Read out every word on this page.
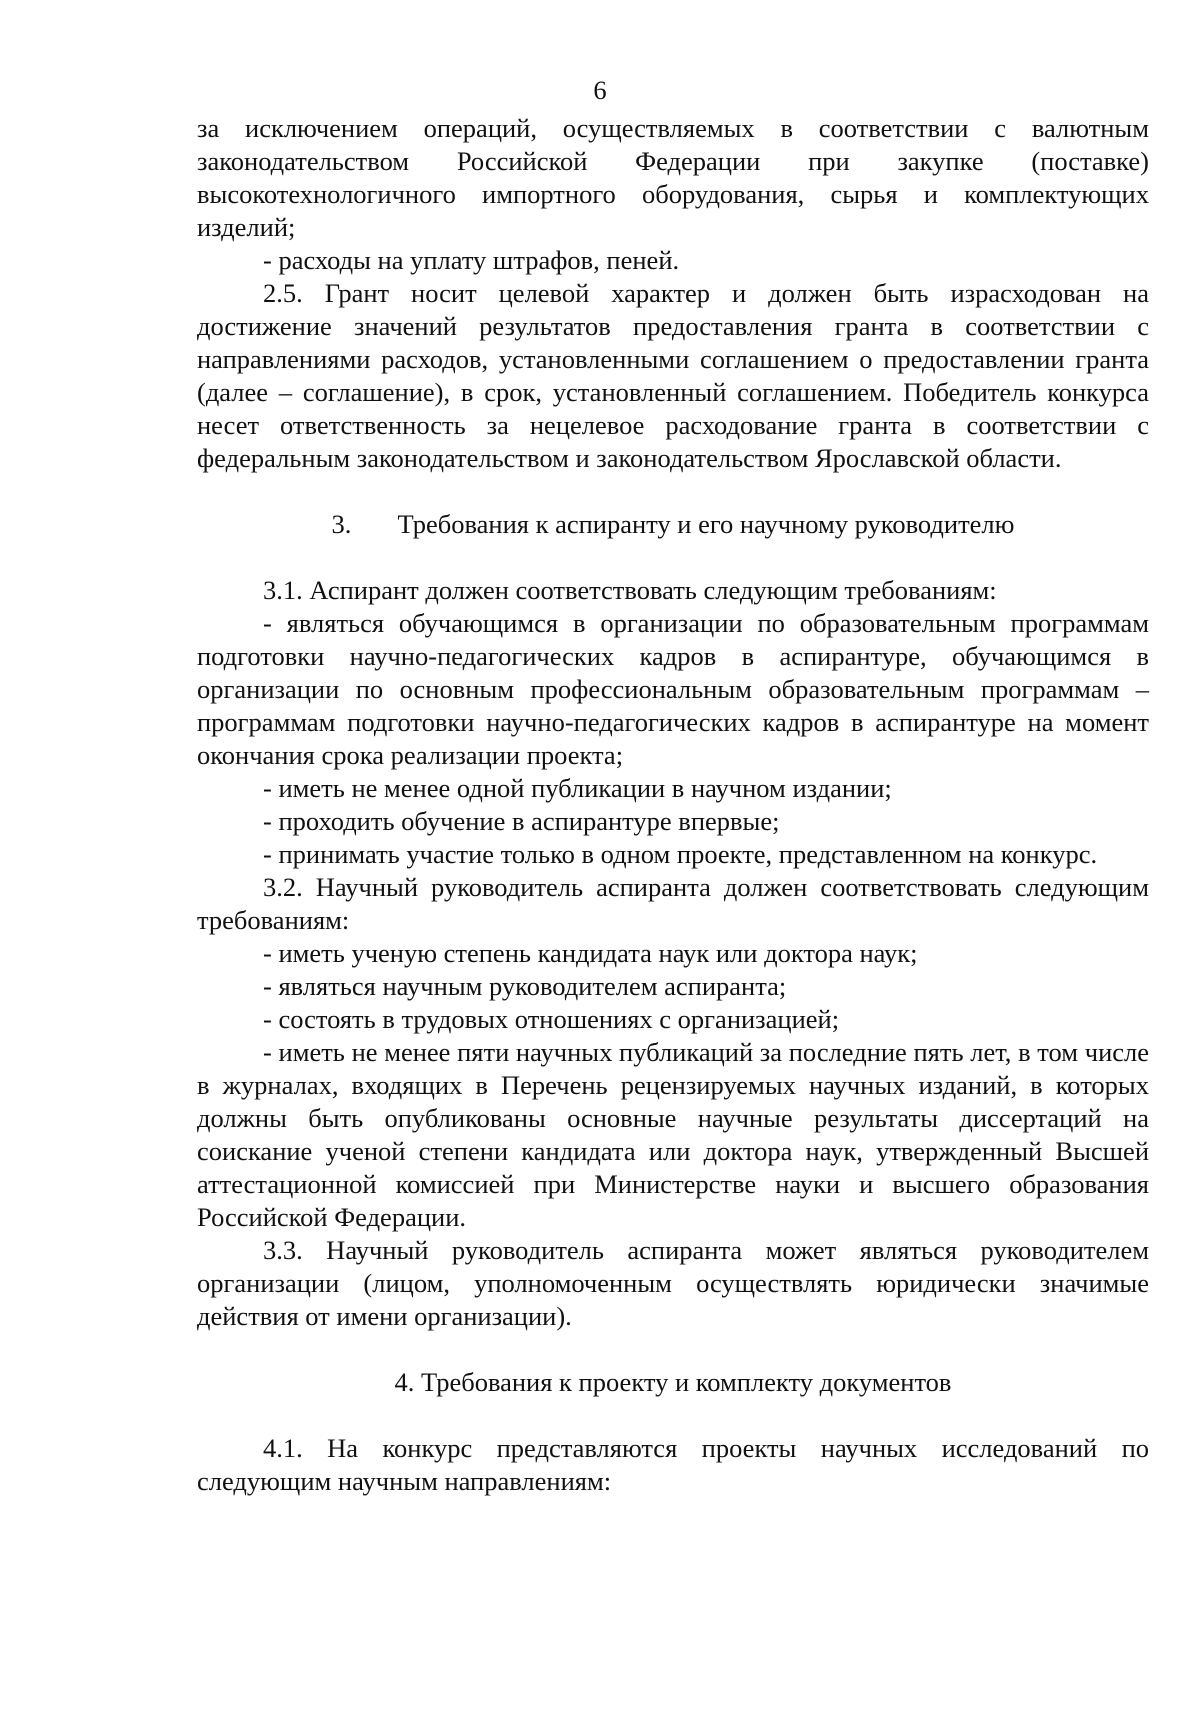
6

за исключением операций, осуществляемых в соответствии с валютным законодательством Российской Федерации при закупке (поставке) высокотехнологичного импортного оборудования, сырья и комплектующих изделий;

- расходы на уплату штрафов, пеней.

2.5. Грант носит целевой характер и должен быть израсходован на достижение значений результатов предоставления гранта в соответствии с направлениями расходов, установленными соглашением о предоставлении гранта (далее – соглашение), в срок, установленный соглашением. Победитель конкурса несет ответственность за нецелевое расходование гранта в соответствии с федеральным законодательством и законодательством Ярославской области.

3. Требования к аспиранту и его научному руководителю

3.1. Аспирант должен соответствовать следующим требованиям:

- являться обучающимся в организации по образовательным программам подготовки научно-педагогических кадров в аспирантуре, обучающимся в организации по основным профессиональным образовательным программам – программам подготовки научно-педагогических кадров в аспирантуре на момент окончания срока реализации проекта;

- иметь не менее одной публикации в научном издании;

- проходить обучение в аспирантуре впервые;

- принимать участие только в одном проекте, представленном на конкурс.

3.2. Научный руководитель аспиранта должен соответствовать следующим требованиям:

- иметь ученую степень кандидата наук или доктора наук;

- являться научным руководителем аспиранта;

- состоять в трудовых отношениях с организацией;

- иметь не менее пяти научных публикаций за последние пять лет, в том числе в журналах, входящих в Перечень рецензируемых научных изданий, в которых должны быть опубликованы основные научные результаты диссертаций на соискание ученой степени кандидата или доктора наук, утвержденный Высшей аттестационной комиссией при Министерстве науки и высшего образования Российской Федерации.

3.3. Научный руководитель аспиранта может являться руководителем организации (лицом, уполномоченным осуществлять юридически значимые действия от имени организации).

4. Требования к проекту и комплекту документов

4.1. На конкурс представляются проекты научных исследований по следующим научным направлениям:
